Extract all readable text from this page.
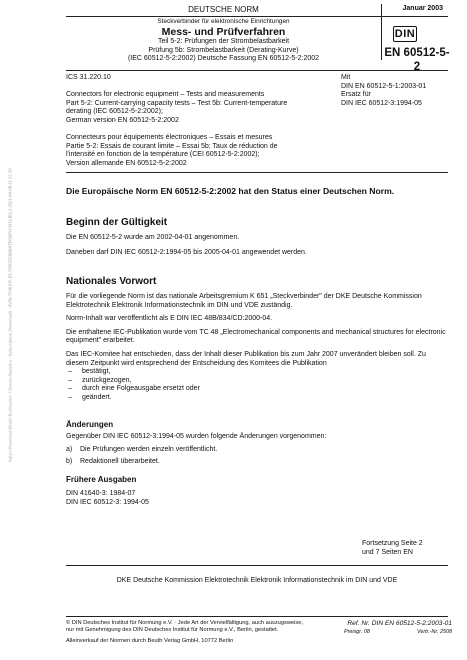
Sofort-Download-Beuth-Technischer Clienten Analytics - Subscription Downloads - KdNr.7546105-ID.JTROZTRR8RTP60KVUH1LBQ.2-2021-04-08 11:15:59
DEUTSCHE NORM	Januar 2003
Steckverbinder für elektronische Einrichtungen
Mess- und Prüfverfahren
Teil 5-2: Prüfungen der Strombelastbarkeit
Prüfung 5b: Strombelastbarkeit (Derating-Kurve)
(IEC 60512-5-2:2002) Deutsche Fassung EN 60512-5-2:2002
DIN
EN 60512-5-2
ICS 31.220.10	Mit
DIN EN 60512-5-1:2003-01
Ersatz für
DIN IEC 60512-3:1994-05
Connectors for electronic equipment – Tests and measurements
Part 5-2: Current-carrying capacity tests – Test 5b: Current-temperature
derating (IEC 60512-5-2:2002);
German version EN 60512-5-2:2002
Connecteurs pour équipements électroniques – Essais et mesures
Partie 5-2: Essais de courant limite – Essai 5b: Taux de réduction de
l'intensité en fonction de la température (CEI 60512-5-2:2002);
Version allemande EN 60512-5-2:2002
Die Europäische Norm EN 60512-5-2:2002 hat den Status einer Deutschen Norm.
Beginn der Gültigkeit
Die EN 60512-5-2 wurde am 2002-04-01 angenommen.
Daneben darf DIN IEC 60512-2:1994-05 bis 2005-04-01 angewendet werden.
Nationales Vorwort

Für die vorliegende Norm ist das nationale Arbeitsgremium K 651 „Steckverbinder" der DKE Deutsche Kommission Elektrotechnik Elektronik Informationstechnik im DIN und VDE zuständig.

Norm-Inhalt war veröffentlicht als E DIN IEC 48B/834/CD:2000-04.

Die enthaltene IEC-Publikation wurde vom TC 48 „Electromechanical components and mechanical structures for electronic equipment" erarbeitet.

Das IEC-Komitee hat entschieden, dass der Inhalt dieser Publikation bis zum Jahr 2007 unverändert bleiben soll. Zu diesem Zeitpunkt wird entsprechend der Entscheidung des Komitees die Publikation

– bestätigt,
– zurückgezogen,
– durch eine Folgeausgabe ersetzt oder
– geändert.
Änderungen

Gegenüber DIN IEC 60512-3:1994-05 wurden folgende Änderungen vorgenommen:

a)	Die Prüfungen werden einzeln veröffentlicht.
b)	Redaktionell überarbeitet.
Frühere Ausgaben
DIN 41640-3: 1984-07
DIN IEC 60512-3: 1994-05
Fortsetzung Seite 2
und 7 Seiten EN
DKE Deutsche Kommission Elektrotechnik Elektronik Informationstechnik im DIN und VDE
© DIN Deutsches Institut für Normung e.V. · Jede Art der Vervielfältigung, auch auszugsweise,
nur mit Genehmigung des DIN Deutsches Institut für Normung e.V., Berlin, gestattet.
Alleinverkauf der Normen durch Beuth Verlag GmbH, 10772 Berlin
Ref. Nr. DIN EN 60512-5-2:2003-01
Preisgr. 08	Vertr.-Nr. 2508
